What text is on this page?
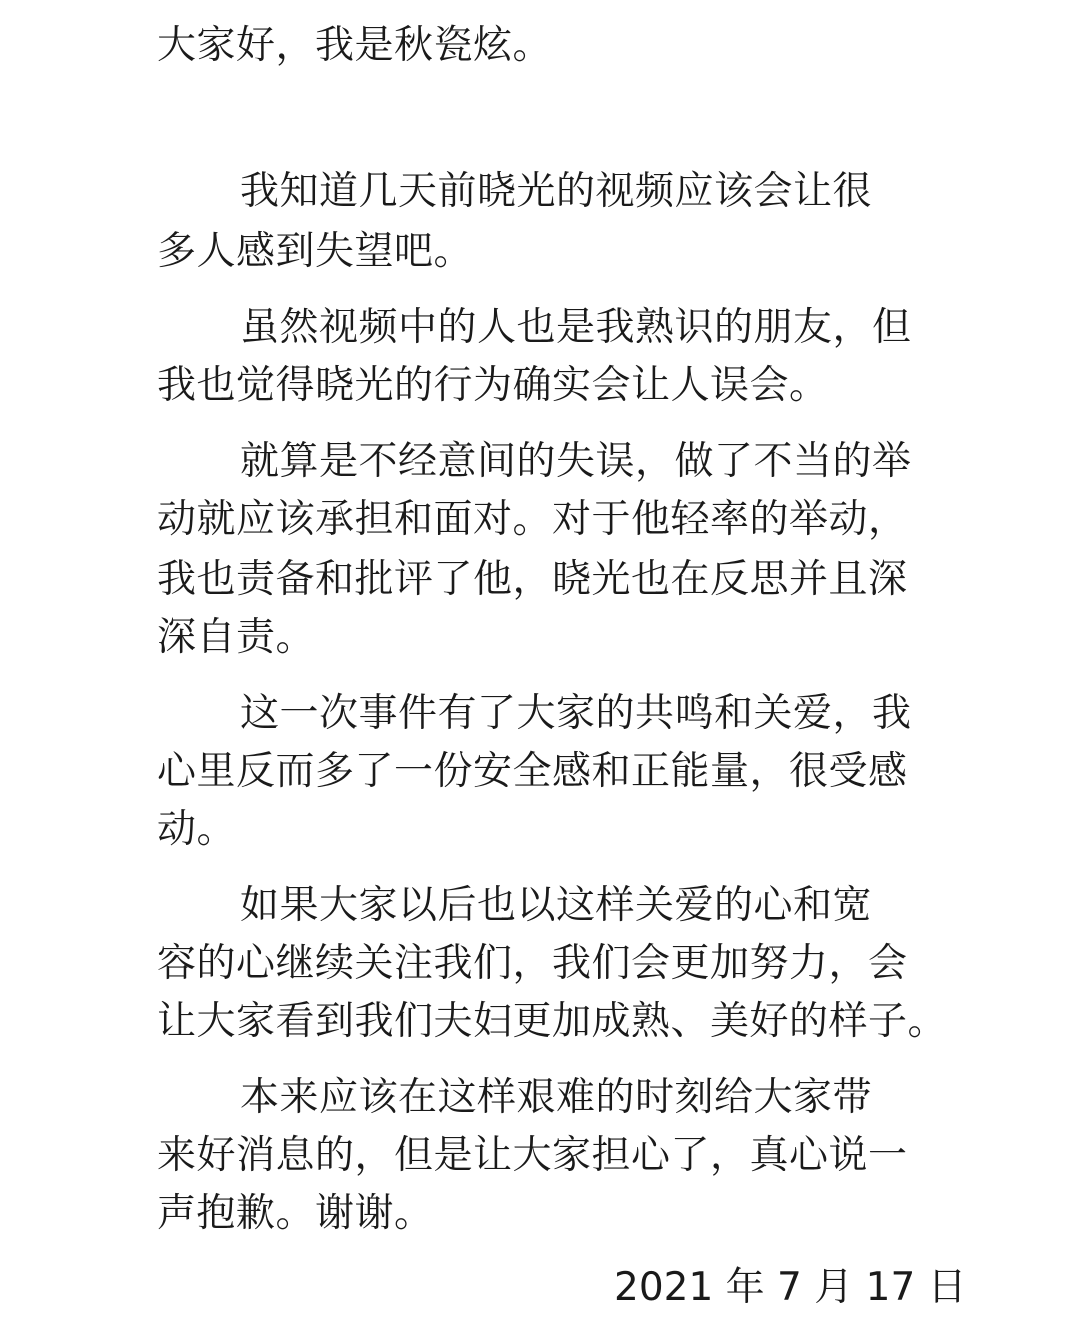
大家好，我是秋瓷炫。
我知道几天前晓光的视频应该会让很
多人感到失望吧。
虽然视频中的人也是我熟识的朋友，但
我也觉得晓光的行为确实会让人误会。
就算是不经意间的失误，做了不当的举
动就应该承担和面对。对于他轻率的举动，
我也责备和批评了他，晓光也在反思并且深
深自责。
这一次事件有了大家的共鸣和关爱，我
心里反而多了一份安全感和正能量，很受感
动。
如果大家以后也以这样关爱的心和宽
容的心继续关注我们，我们会更加努力，会
让大家看到我们夫妇更加成熟、美好的样子。
本来应该在这样艰难的时刻给大家带
来好消息的，但是让大家担心了，真心说一
声抱歉。谢谢。
2021 年 7 月 17 日
